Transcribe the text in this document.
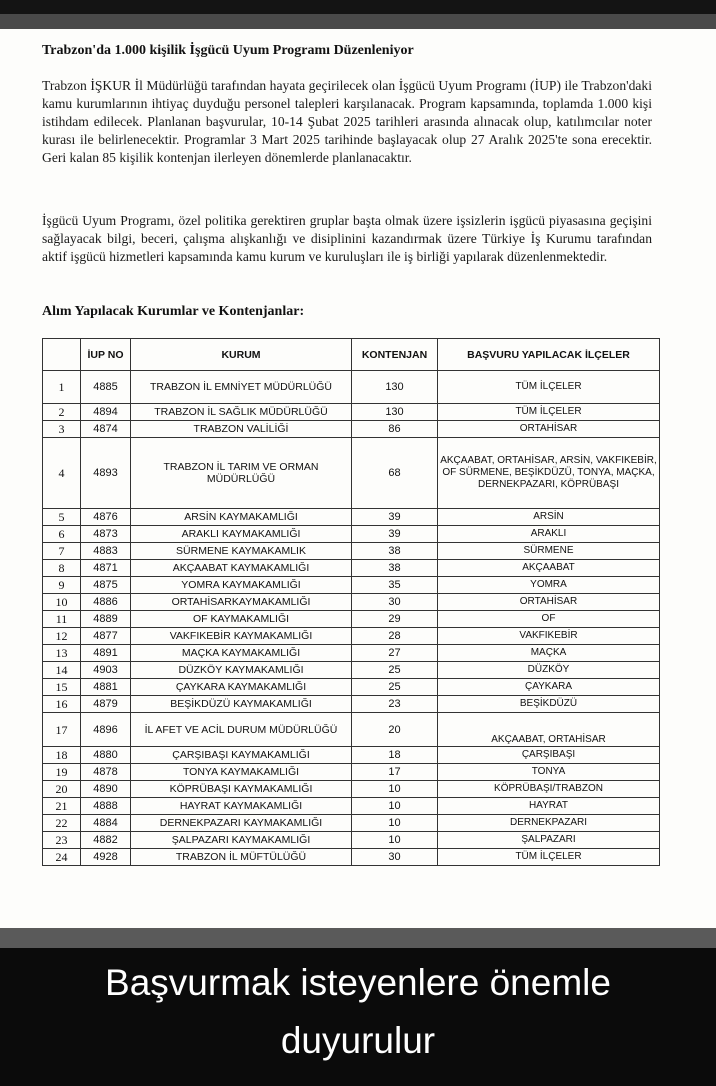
Trabzon'da 1.000 kişilik İşgücü Uyum Programı Düzenleniyor

Trabzon İŞKUR İl Müdürlüğü tarafından hayata geçirilecek olan İşgücü Uyum Programı (İUP) ile Trabzon'daki kamu kurumlarının ihtiyaç duyduğu personel talepleri karşılanacak. Program kapsamında, toplamda 1.000 kişi istihdam edilecek. Planlanan başvurular, 10-14 Şubat 2025 tarihleri arasında alınacak olup, katılımcılar noter kurası ile belirlenecektir. Programlar 3 Mart 2025 tarihinde başlayacak olup 27 Aralık 2025'te sona erecektir. Geri kalan 85 kişilik kontenjan ilerleyen dönemlerde planlanacaktır.

İşgücü Uyum Programı, özel politika gerektiren gruplar başta olmak üzere işsizlerin işgücü piyasasına geçişini sağlayacak bilgi, beceri, çalışma alışkanlığı ve disiplinini kazandırmak üzere Türkiye İş Kurumu tarafından aktif işgücü hizmetleri kapsamında kamu kurum ve kuruluşları ile iş birliği yapılarak düzenlenmektedir.

Alım Yapılacak Kurumlar ve Kontenjanlar:
	İUP NO	KURUM	KONTENJAN	BAŞVURU YAPILACAK İLÇELER
1	4885	TRABZON İL EMNİYET MÜDÜRLÜĞÜ	130	TÜM İLÇELER
2	4894	TRABZON İL SAĞLIK MÜDÜRLÜĞÜ	130	TÜM İLÇELER
3	4874	TRABZON VALİLİĞİ	86	ORTAHİSAR
4	4893	TRABZON İL TARIM VE ORMAN MÜDÜRLÜĞÜ	68	AKÇAABAT, ORTAHİSAR, ARSİN, VAKFIKEBİR, OF SÜRMENE, BEŞİKDÜZÜ, TONYA, MAÇKA, DERNEKPAZARI, KÖPRÜBAŞI
5	4876	ARSİN KAYMAKAMLIĞI	39	ARSİN
6	4873	ARAKLI KAYMAKAMLIĞI	39	ARAKLI
7	4883	SÜRMENE KAYMAKAMLIK	38	SÜRMENE
8	4871	AKÇAABAT KAYMAKAMLIĞI	38	AKÇAABAT
9	4875	YOMRA KAYMAKAMLIĞI	35	YOMRA
10	4886	ORTAHİSARKAYMAKAMLIĞI	30	ORTAHİSAR
11	4889	OF KAYMAKAMLIĞI	29	OF
12	4877	VAKFIKEBİR KAYMAKAMLIĞI	28	VAKFIKEBİR
13	4891	MAÇKA KAYMAKAMLIĞI	27	MAÇKA
14	4903	DÜZKÖY KAYMAKAMLIĞI	25	DÜZKÖY
15	4881	ÇAYKARA KAYMAKAMLIĞI	25	ÇAYKARA
16	4879	BEŞİKDÜZÜ KAYMAKAMLIĞI	23	BEŞİKDÜZÜ
17	4896	İL AFET VE ACİL DURUM MÜDÜRLÜĞÜ	20	AKÇAABAT, ORTAHİSAR
18	4880	ÇARŞIBAŞI KAYMAKAMLIĞI	18	ÇARŞIBAŞI
19	4878	TONYA KAYMAKAMLIĞI	17	TONYA
20	4890	KÖPRÜBAŞI KAYMAKAMLIĞI	10	KÖPRÜBAŞI/TRABZON
21	4888	HAYRAT KAYMAKAMLIĞI	10	HAYRAT
22	4884	DERNEKPAZARI KAYMAKAMLIĞI	10	DERNEKPAZARI
23	4882	ŞALPAZARI KAYMAKAMLIĞI	10	ŞALPAZARI
24	4928	TRABZON İL MÜFTÜLÜĞÜ	30	TÜM İLÇELER
Başvurmak isteyenlere önemle
duyurulur
